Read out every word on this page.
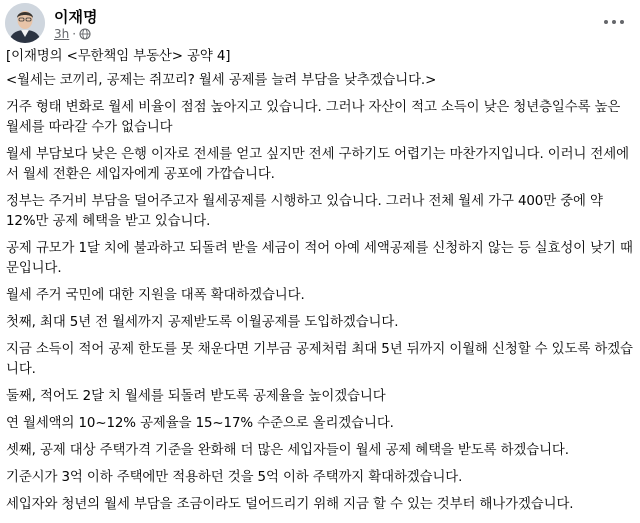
이재명
3h ·

[이재명의 <무한책임 부동산> 공약 4]

<월세는 코끼리, 공제는 쥐꼬리? 월세 공제를 늘려 부담을 낮추겠습니다.>

거주 형태 변화로 월세 비율이 점점 높아지고 있습니다. 그러나 자산이 적고 소득이 낮은 청년층일수록 높은 월세를 따라갈 수가 없습니다

월세 부담보다 낮은 은행 이자로 전세를 얻고 싶지만 전세 구하기도 어렵기는 마찬가지입니다. 이러니 전세에서 월세 전환은 세입자에게 공포에 가깝습니다.

정부는 주거비 부담을 덜어주고자 월세공제를 시행하고 있습니다. 그러나 전체 월세 가구 400만 중에 약 12%만 공제 혜택을 받고 있습니다.

공제 규모가 1달 치에 불과하고 되돌려 받을 세금이 적어 아예 세액공제를 신청하지 않는 등 실효성이 낮기 때문입니다.

월세 주거 국민에 대한 지원을 대폭 확대하겠습니다.

첫째, 최대 5년 전 월세까지 공제받도록 이월공제를 도입하겠습니다.

지금 소득이 적어 공제 한도를 못 채운다면 기부금 공제처럼 최대 5년 뒤까지 이월해 신청할 수 있도록 하겠습니다.

둘째, 적어도 2달 치 월세를 되돌려 받도록 공제율을 높이겠습니다

연 월세액의 10~12% 공제율을 15~17% 수준으로 올리겠습니다.

셋째, 공제 대상 주택가격 기준을 완화해 더 많은 세입자들이 월세 공제 혜택을 받도록 하겠습니다.

기준시가 3억 이하 주택에만 적용하던 것을 5억 이하 주택까지 확대하겠습니다.

세입자와 청년의 월세 부담을 조금이라도 덜어드리기 위해 지금 할 수 있는 것부터 해나가겠습니다.
